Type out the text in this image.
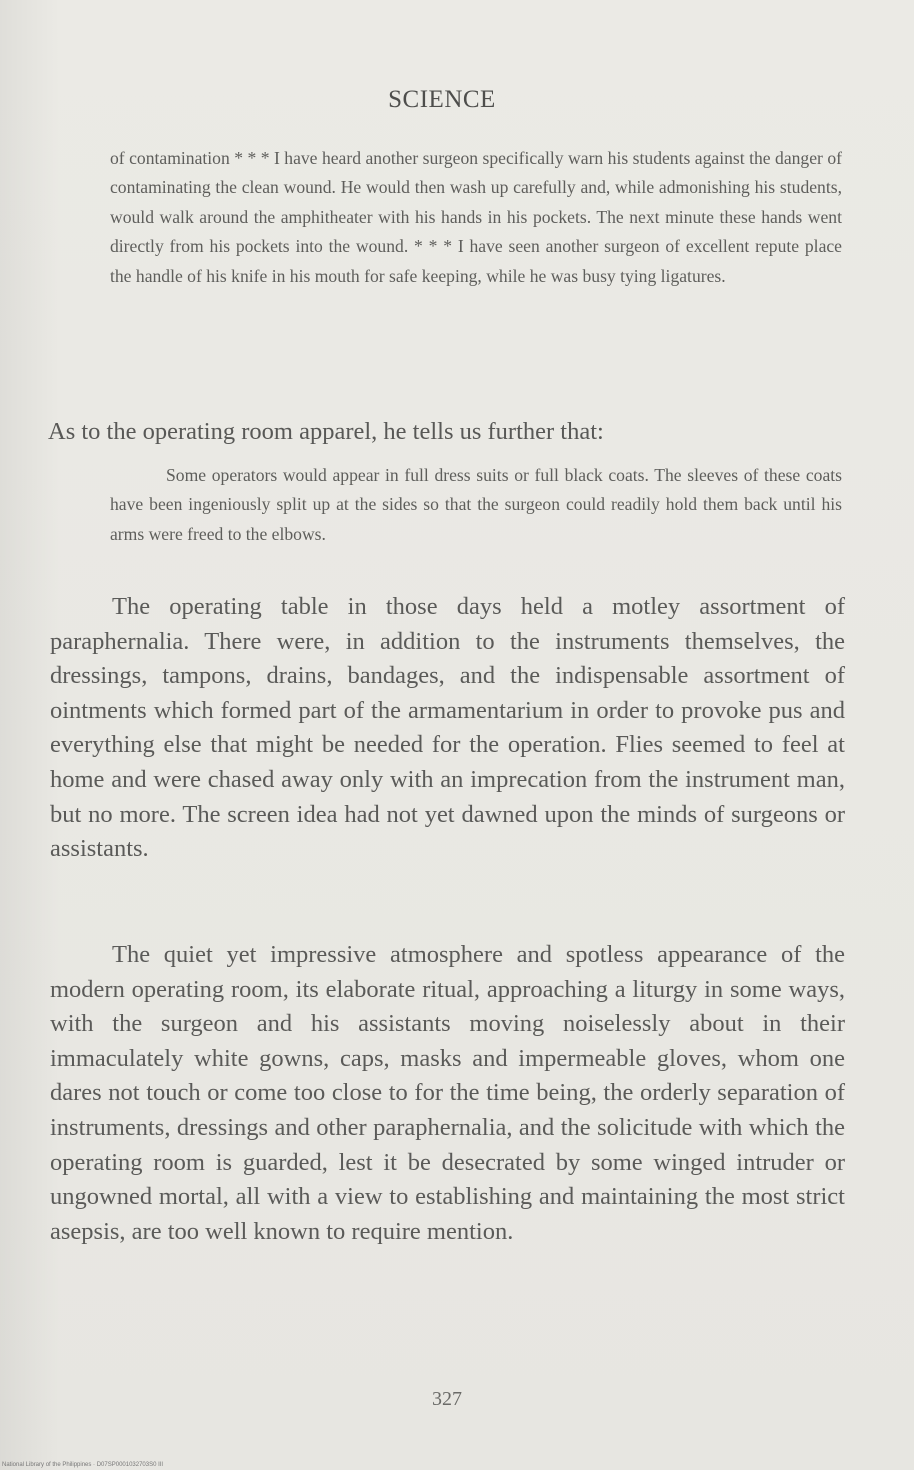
SCIENCE
of contamination * * * I have heard another surgeon specifically warn his students against the danger of contaminating the clean wound. He would then wash up carefully and, while admonishing his students, would walk around the amphitheater with his hands in his pockets. The next minute these hands went directly from his pockets into the wound. * * * I have seen another surgeon of excellent repute place the handle of his knife in his mouth for safe keeping, while he was busy tying ligatures.
As to the operating room apparel, he tells us further that:
Some operators would appear in full dress suits or full black coats. The sleeves of these coats have been ingeniously split up at the sides so that the surgeon could readily hold them back until his arms were freed to the elbows.
The operating table in those days held a motley assortment of paraphernalia. There were, in addition to the instruments themselves, the dressings, tampons, drains, bandages, and the indispensable assortment of ointments which formed part of the armamentarium in order to provoke pus and everything else that might be needed for the operation. Flies seemed to feel at home and were chased away only with an imprecation from the instrument man, but no more. The screen idea had not yet dawned upon the minds of surgeons or assistants.
The quiet yet impressive atmosphere and spotless appearance of the modern operating room, its elaborate ritual, approaching a liturgy in some ways, with the surgeon and his assistants moving noiselessly about in their immaculately white gowns, caps, masks and impermeable gloves, whom one dares not touch or come too close to for the time being, the orderly separation of instruments, dressings and other paraphernalia, and the solicitude with which the operating room is guarded, lest it be desecrated by some winged intruder or ungowned mortal, all with a view to establishing and maintaining the most strict asepsis, are too well known to require mention.
327
National Library of the Philippines · D07SP0001032703S0 III
